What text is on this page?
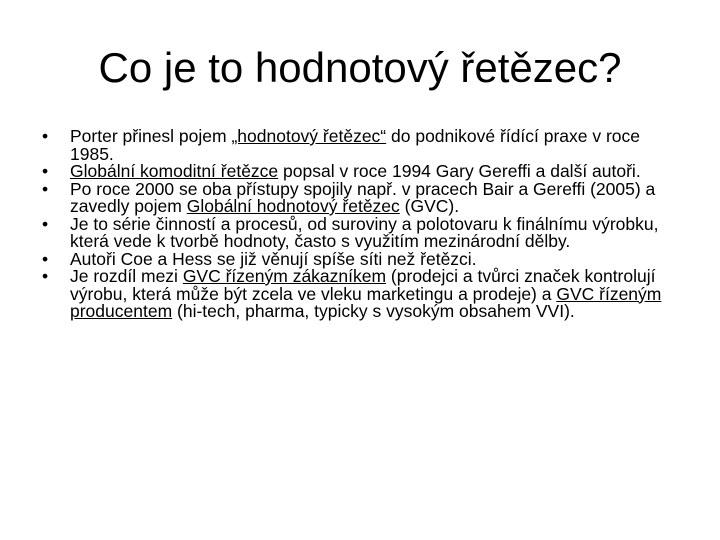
Co je to hodnotový řetězec?
• Porter přinesl pojem „hodnotový řetězec“ do podnikové řídící praxe v roce 1985.
• Globální komoditní řetězce popsal v roce 1994 Gary Gereffi a další autoři.
• Po roce 2000 se oba přístupy spojily např. v pracech Bair a Gereffi (2005) a zavedly pojem Globální hodnotový řetězec (GVC).
• Je to série činností a procesů, od suroviny a polotovaru k finálnímu výrobku, která vede k tvorbě hodnoty, často s využitím mezinárodní dělby.
• Autoři Coe a Hess se již věnují spíše síti než řetězci.
• Je rozdíl mezi GVC řízeným zákazníkem (prodejci a tvůrci značek kontrolují výrobu, která může být zcela ve vleku marketingu a prodeje) a GVC řízeným producentem (hi-tech, pharma, typicky s vysokým obsahem VVI).
